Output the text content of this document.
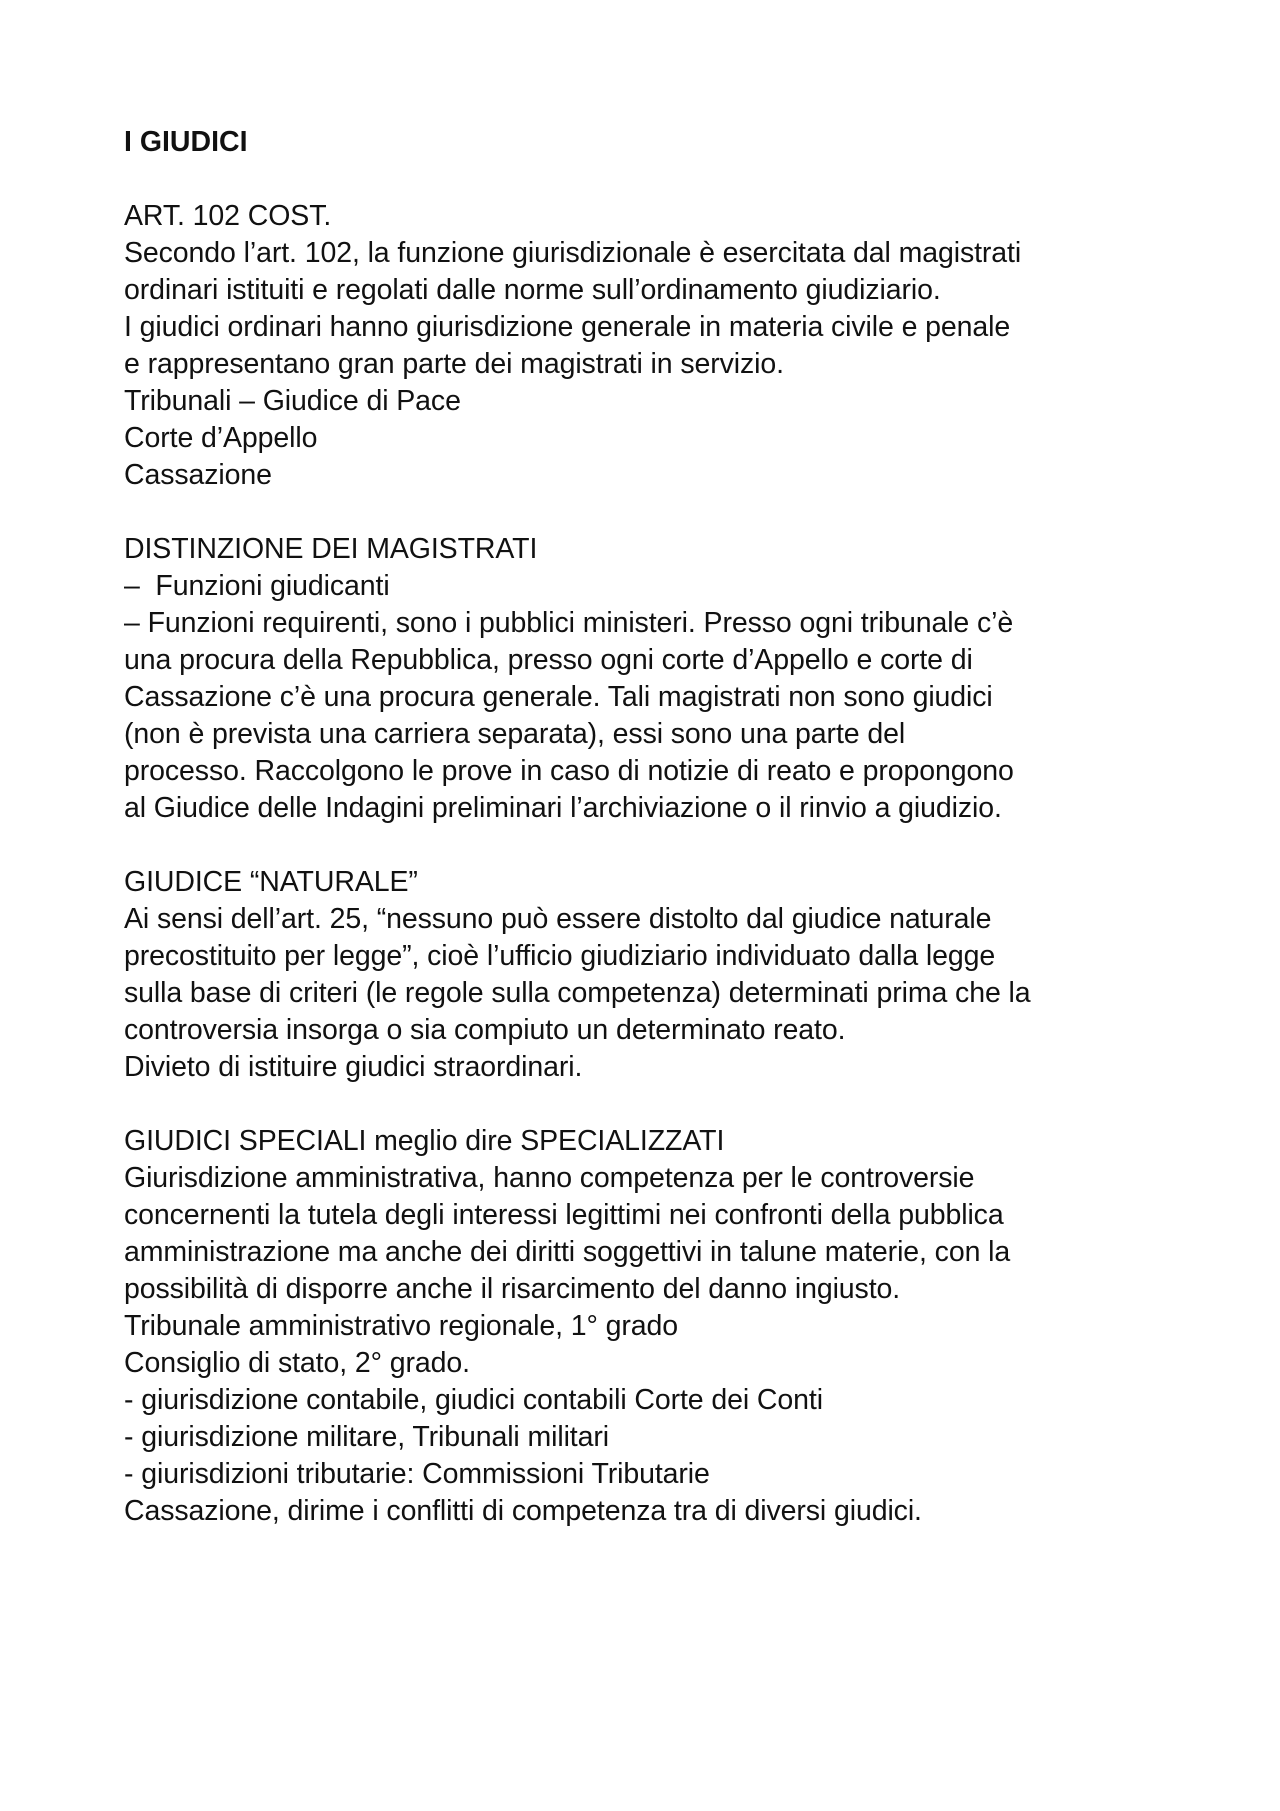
I GIUDICI
ART. 102 COST.
Secondo l’art. 102, la funzione giurisdizionale è esercitata dal magistrati
ordinari istituiti e regolati dalle norme sull’ordinamento giudiziario.
I giudici ordinari hanno giurisdizione generale in materia civile e penale
e rappresentano gran parte dei magistrati in servizio.
Tribunali – Giudice di Pace
Corte d’Appello
Cassazione
DISTINZIONE DEI MAGISTRATI
–  Funzioni giudicanti
– Funzioni requirenti, sono i pubblici ministeri. Presso ogni tribunale c’è
una procura della Repubblica, presso ogni corte d’Appello e corte di
Cassazione c’è una procura generale. Tali magistrati non sono giudici
(non è prevista una carriera separata), essi sono una parte del
processo. Raccolgono le prove in caso di notizie di reato e propongono
al Giudice delle Indagini preliminari l’archiviazione o il rinvio a giudizio.
GIUDICE “NATURALE”
Ai sensi dell’art. 25, “nessuno può essere distolto dal giudice naturale
precostituito per legge”, cioè l’ufficio giudiziario individuato dalla legge
sulla base di criteri (le regole sulla competenza) determinati prima che la
controversia insorga o sia compiuto un determinato reato.
Divieto di istituire giudici straordinari.
GIUDICI SPECIALI meglio dire SPECIALIZZATI
Giurisdizione amministrativa, hanno competenza per le controversie
concernenti la tutela degli interessi legittimi nei confronti della pubblica
amministrazione ma anche dei diritti soggettivi in talune materie, con la
possibilità di disporre anche il risarcimento del danno ingiusto.
Tribunale amministrativo regionale, 1° grado
Consiglio di stato, 2° grado.
- giurisdizione contabile, giudici contabili Corte dei Conti
- giurisdizione militare, Tribunali militari
- giurisdizioni tributarie: Commissioni Tributarie
Cassazione, dirime i conflitti di competenza tra di diversi giudici.
